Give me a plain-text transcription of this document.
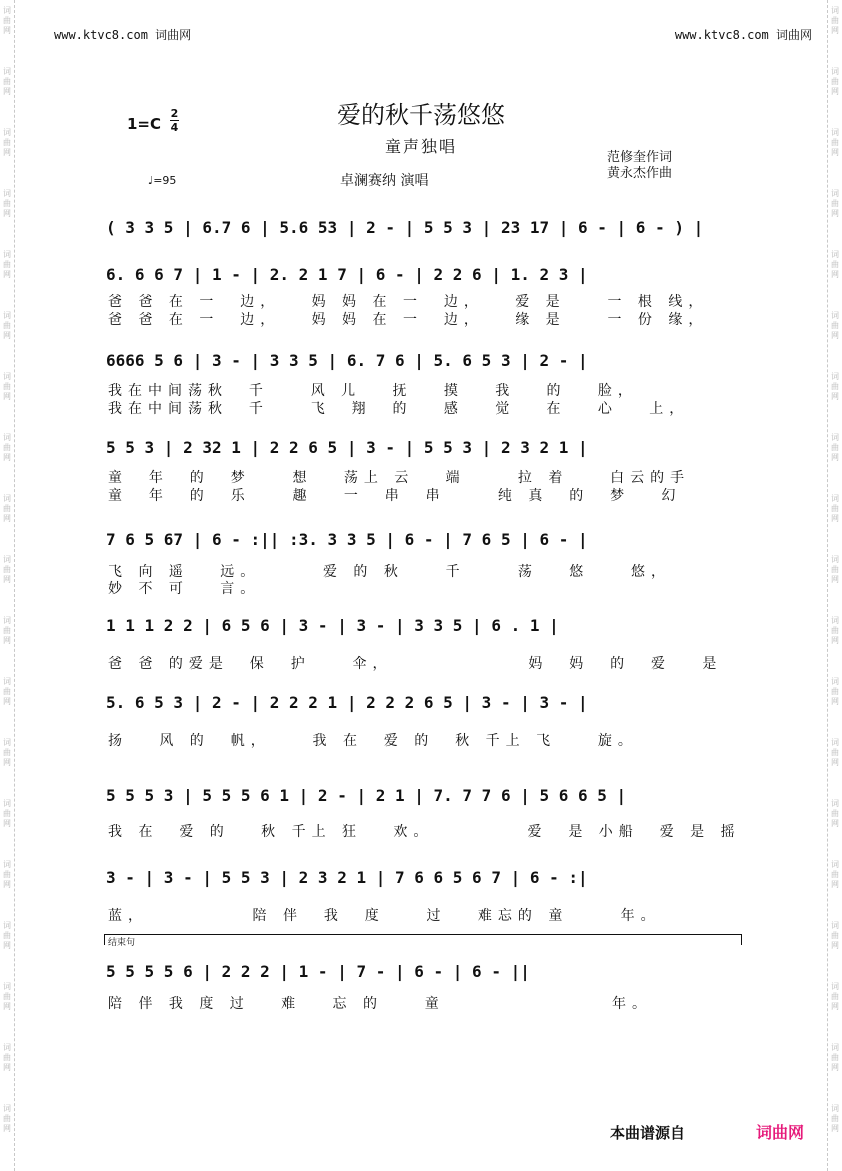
词曲网
词曲网
词曲网
词曲网
词曲网
词曲网
词曲网
词曲网
词曲网
词曲网
词曲网
词曲网
词曲网
词曲网
词曲网
词曲网
词曲网
词曲网
词曲网
词曲网
词曲网
词曲网
词曲网
词曲网
词曲网
词曲网
词曲网
词曲网
词曲网
词曲网
词曲网
词曲网
词曲网
词曲网
词曲网
词曲网
词曲网
词曲网
www.ktvc8.com 词曲网	www.ktvc8.com 词曲网
爱的秋千荡悠悠
童声独唱
1=C
2
4
♩=95	卓澜赛纳 演唱
范修奎作词
黄永杰作曲
( 3 3 5 | 6.7 6 | 5.6 53 | 2 - | 5 5 3 | 23 17 | 6 - | 6 - ) |
6. 6 6 7 | 1 - | 2. 2 1 7 | 6 - | 2 2 6 | 1. 2 3 |
爸 爸 在 一  边，   妈 妈 在 一  边，   爱 是    一 根 线，
爸 爸 在 一  边，   妈 妈 在 一  边，   缘 是    一 份 缘，
6666 5 6 | 3 - | 3 3 5 | 6. 7 6 | 5. 6 5 3 | 2 - |
我在中间荡秋  千    风 儿   抚   摸   我   的   脸，
我在中间荡秋  千    飞  翔  的   感   觉   在   心   上，
5 5 3 | 2 32 1 | 2 2 6 5 | 3 - | 5 5 3 | 2 3 2 1 |
童  年  的  梦    想   荡上 云   端     拉 着    白云的手
童  年  的  乐    趣   一  串  串     纯 真  的  梦   幻
7 6 5 67 | 6 - :|| :3. 3 3 5 | 6 - | 7 6 5 | 6 - |
飞 向 遥   远。      爱 的 秋    千     荡   悠    悠，
妙 不 可   言。
1 1 1 2 2 | 6 5 6 | 3 - | 3 - | 3 3 5 | 6 . 1 |
爸 爸 的爱是  保  护    伞，             妈  妈  的  爱   是
5. 6 5 3 | 2 - | 2 2 2 1 | 2 2 2 6 5 | 3 - | 3 - |
扬   风 的  帆，    我 在  爱 的  秋 千上 飞    旋。
5 5 5 3 | 5 5 5 6 1 | 2 - | 2 1 | 7. 7 7 6 | 5 6 6 5 |
我 在  爱 的   秋 千上 狂   欢。         爱  是 小船  爱 是 摇
3 - | 3 - | 5 5 3 | 2 3 2 1 | 7 6 6 5 6 7 | 6 - :|
蓝，          陪 伴  我  度    过   难忘的 童     年。
结束句
5 5 5 5 6 | 2 2 2 | 1 - | 7 - | 6 - | 6 - ||
陪 伴 我 度 过   难   忘 的    童                年。
本曲谱源自	词曲网
